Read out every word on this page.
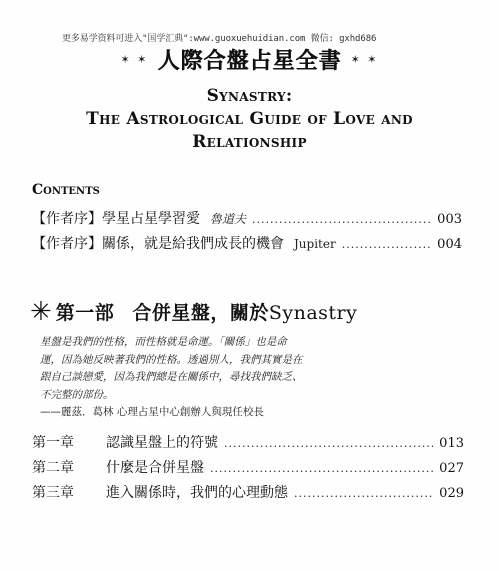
更多易学资料可进入"国学汇典":www.guoxuehuidian.com 微信: gxhd686
✶ ✶ 人際合盤占星全書 ✶ ✶
Synastry:
The Astrological Guide of Love and
Relationship
Contents
【作者序】學星占星學習愛 魯道夫 .....	003
【作者序】關係，就是給我們成長的機會 Jupiter .....	004
✳ 第一部 合併星盤，關於Synastry

星盤是我們的性格，而性格就是命運。「關係」也是命

運，因為她反映著我們的性格。透過別人，我們其實是在

跟自己談戀愛，因為我們總是在關係中，尋找我們缺乏、

不完整的部份。

——麗茲．葛林 心理占星中心創辦人與現任校長

第一章	認識星盤上的符號 .....	013
第二章	什麼是合併星盤 .....	027
第三章	進入關係時，我們的心理動態 .....	029
